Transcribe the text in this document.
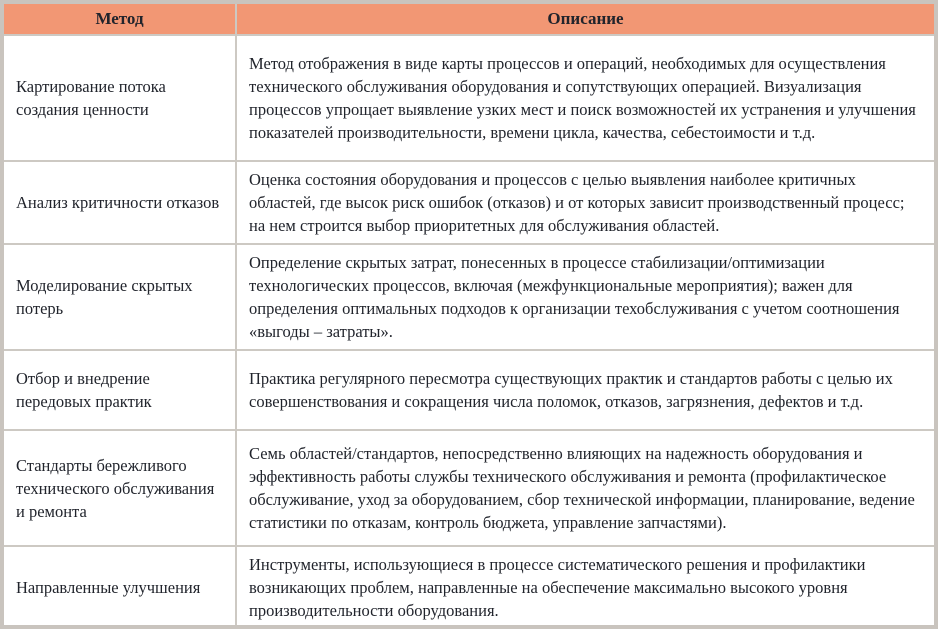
Метод	Описание
Картирование потока создания ценности	Метод отображения в виде карты процессов и операций, необходимых для осуществления технического обслуживания оборудования и сопутствующих операцией. Визуализация процессов упрощает выявление узких мест и поиск возможностей их устранения и улучшения показателей производительности, времени цикла, качества, себестоимости и т.д.
Анализ критичности отказов	Оценка состояния оборудования и процессов с целью выявления наиболее критичных областей, где высок риск ошибок (отказов) и от которых зависит производственный процесс; на нем строится выбор приоритетных для обслуживания областей.
Моделирование скрытых потерь	Определение скрытых затрат, понесенных в процессе стабилизации/оптимизации технологических процессов, включая (межфункциональные мероприятия); важен для определения оптимальных подходов к организации техобслуживания с учетом соотношения «выгоды – затраты».
Отбор и внедрение передовых практик	Практика регулярного пересмотра существующих практик и стандартов работы с целью их совершенствования и сокращения числа поломок, отказов, загрязнения, дефектов и т.д.
Стандарты бережливого технического обслуживания и ремонта	Семь областей/стандартов, непосредственно влияющих на надежность оборудования и эффективность работы службы технического обслуживания и ремонта (профилактическое обслуживание, уход за оборудованием, сбор технической информации, планирование, ведение статистики по отказам, контроль бюджета, управление запчастями).
Направленные улучшения	Инструменты, использующиеся в процессе систематического решения и профилактики возникающих проблем, направленные на обеспечение максимально высокого уровня производительности оборудования.
